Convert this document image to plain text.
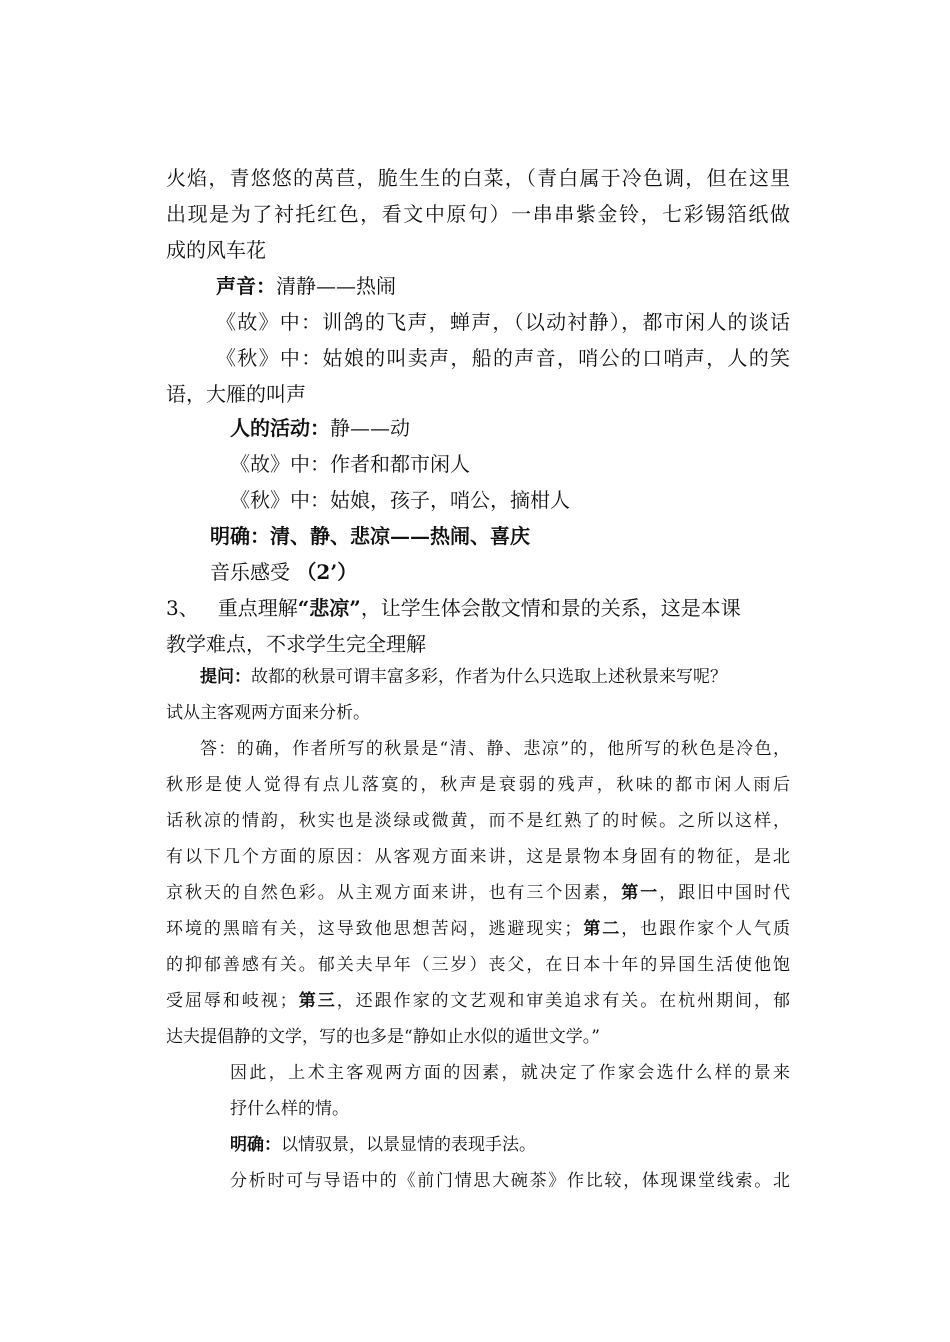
火焰，青悠悠的莴苣，脆生生的白菜，（青白属于冷色调，但在这里
出现是为了衬托红色，看文中原句）一串串紫金铃，七彩锡箔纸做
成的风车花
声音：清静——热闹
《故》中：训鸽的飞声，蝉声，（以动衬静），都市闲人的谈话
《秋》中：姑娘的叫卖声，船的声音，哨公的口哨声，人的笑
语，大雁的叫声
人的活动：静——动
《故》中：作者和都市闲人
《秋》中：姑娘，孩子，哨公，摘柑人
明确：清、静、悲凉——热闹、喜庆
音乐感受 （2’）
3、   重点理解“悲凉”，让学生体会散文情和景的关系，这是本课
教学难点，不求学生完全理解
提问：故都的秋景可谓丰富多彩，作者为什么只选取上述秋景来写呢？
试从主客观两方面来分析。
答：的确，作者所写的秋景是“清、静、悲凉”的，他所写的秋色是冷色，
秋形是使人觉得有点儿落寞的，秋声是衰弱的残声，秋味的都市闲人雨后
话秋凉的情韵，秋实也是淡绿或微黄，而不是红熟了的时候。之所以这样，
有以下几个方面的原因：从客观方面来讲，这是景物本身固有的物征，是北
京秋天的自然色彩。从主观方面来讲，也有三个因素，第一，跟旧中国时代
环境的黑暗有关，这导致他思想苦闷，逃避现实；第二，也跟作家个人气质
的抑郁善感有关。郁关夫早年（三岁）丧父，在日本十年的异国生活使他饱
受屈辱和岐视；第三，还跟作家的文艺观和审美追求有关。在杭州期间，郁
达夫提倡静的文学，写的也多是“静如止水似的遁世文学。”
因此，上术主客观两方面的因素，就决定了作家会选什么样的景来
抒什么样的情。
明确：以情驭景，以景显情的表现手法。
分析时可与导语中的《前门情思大碗茶》作比较，体现课堂线索。北
